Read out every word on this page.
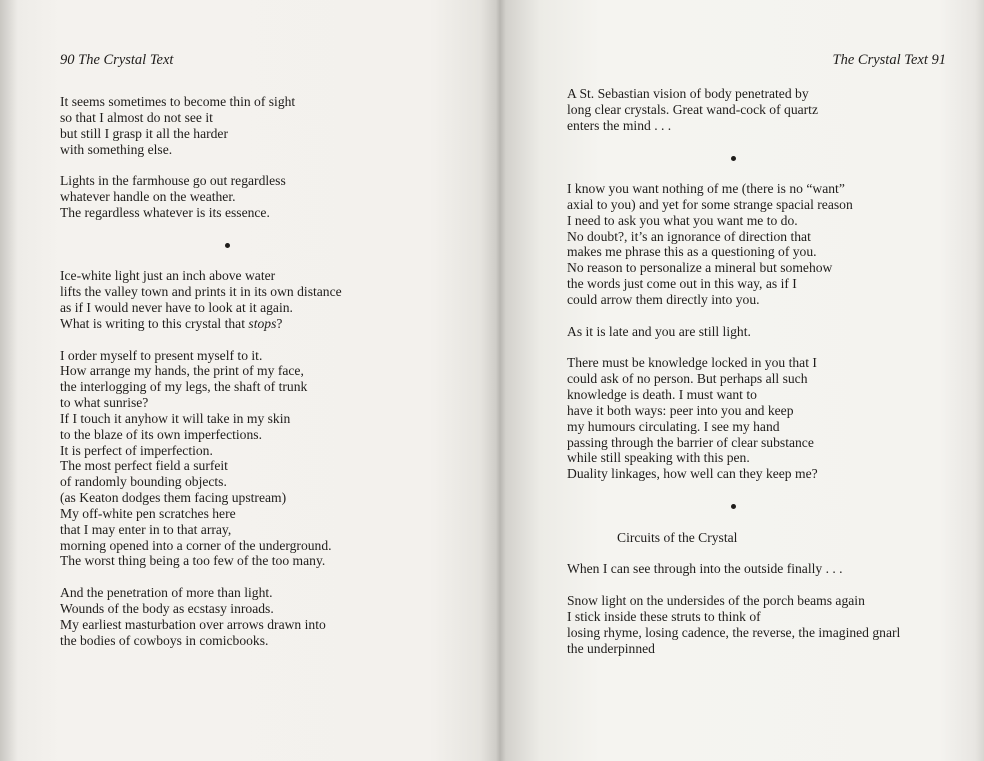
90 The Crystal Text
It seems sometimes to become thin of sight
so that I almost do not see it
but still I grasp it all the harder
with something else.
Lights in the farmhouse go out regardless
whatever handle on the weather.
The regardless whatever is its essence.
Ice-white light just an inch above water
lifts the valley town and prints it in its own distance
as if I would never have to look at it again.
What is writing to this crystal that stops?
I order myself to present myself to it.
How arrange my hands, the print of my face,
the interlogging of my legs, the shaft of trunk
to what sunrise?
If I touch it anyhow it will take in my skin
to the blaze of its own imperfections.
It is perfect of imperfection.
The most perfect field a surfeit
of randomly bounding objects.
(as Keaton dodges them facing upstream)
My off-white pen scratches here
that I may enter in to that array,
morning opened into a corner of the underground.
The worst thing being a too few of the too many.
And the penetration of more than light.
Wounds of the body as ecstasy inroads.
My earliest masturbation over arrows drawn into
the bodies of cowboys in comicbooks.
The Crystal Text 91
A St. Sebastian vision of body penetrated by
long clear crystals. Great wand-cock of quartz
enters the mind . . .
I know you want nothing of me (there is no “want”
axial to you) and yet for some strange spacial reason
I need to ask you what you want me to do.
No doubt?, it’s an ignorance of direction that
makes me phrase this as a questioning of you.
No reason to personalize a mineral but somehow
the words just come out in this way, as if I
could arrow them directly into you.
As it is late and you are still light.
There must be knowledge locked in you that I
could ask of no person. But perhaps all such
knowledge is death. I must want to
have it both ways: peer into you and keep
my humours circulating. I see my hand
passing through the barrier of clear substance
while still speaking with this pen.
Duality linkages, how well can they keep me?
Circuits of the Crystal
When I can see through into the outside finally . . .
Snow light on the undersides of the porch beams again
I stick inside these struts to think of
losing rhyme, losing cadence, the reverse, the imagined gnarl
the underpinned
